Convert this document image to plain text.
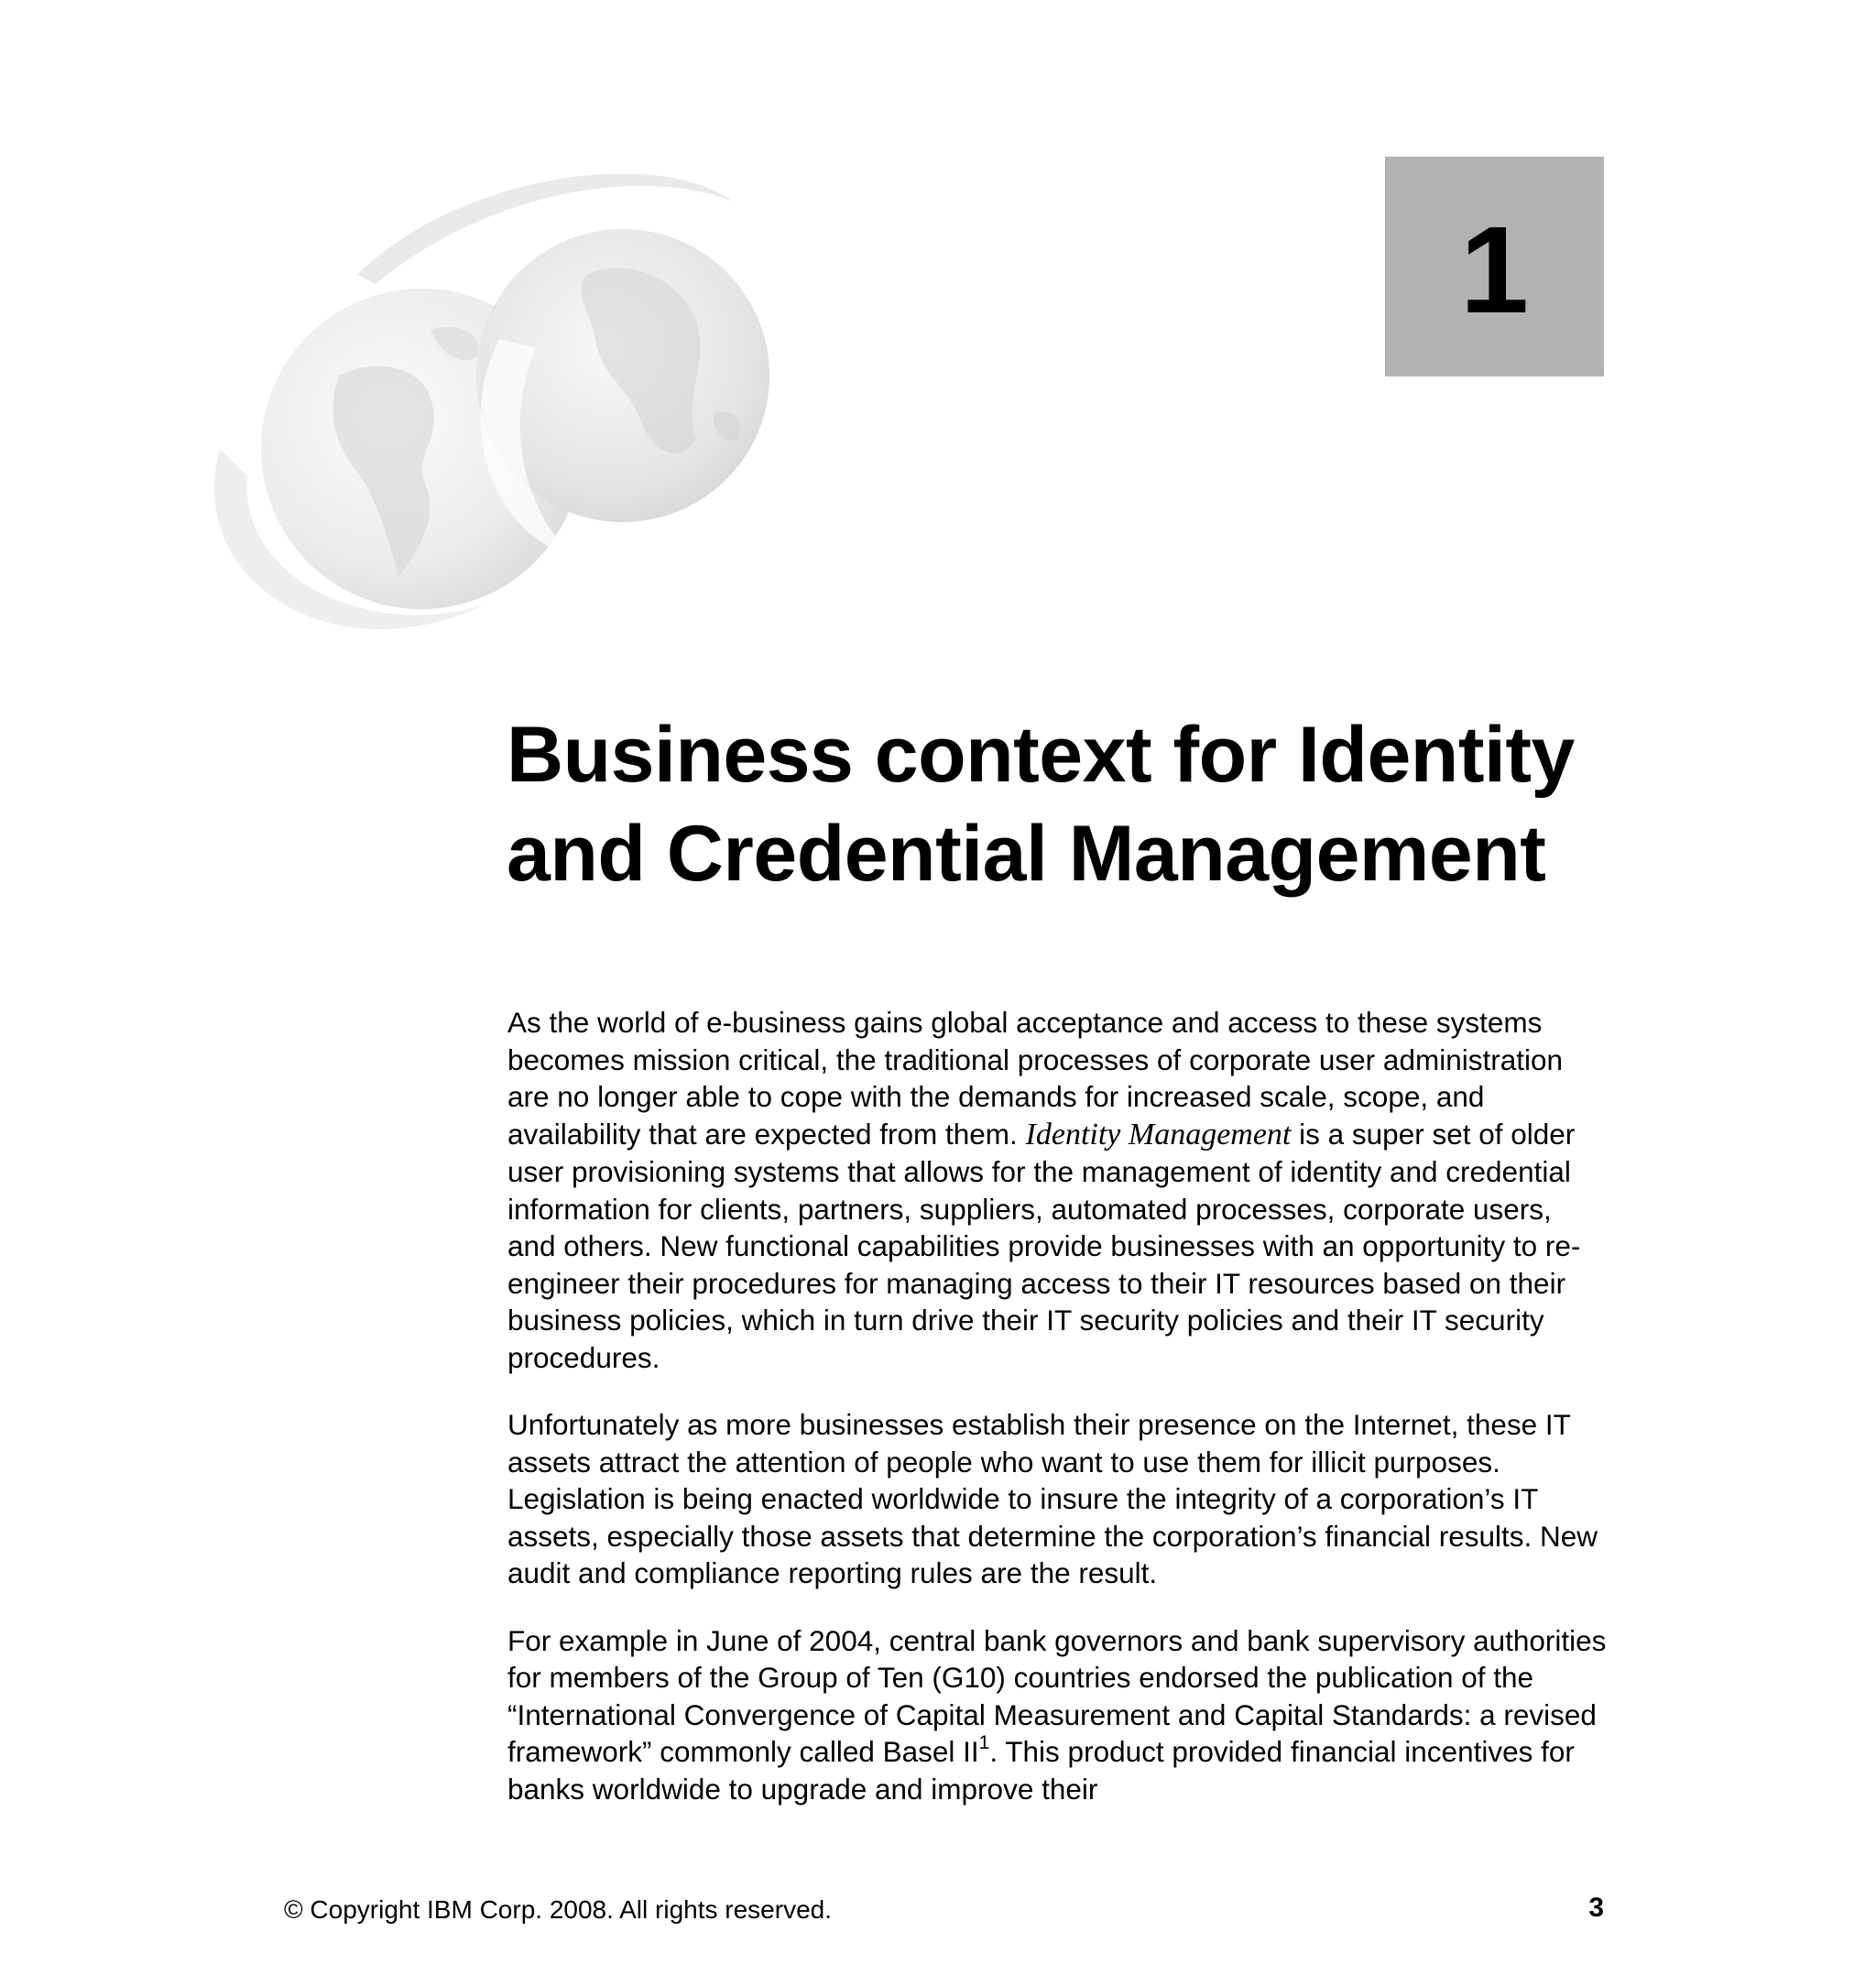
1
Business context for Identity
and Credential Management

As the world of e-business gains global acceptance and access to these systems becomes mission critical, the traditional processes of corporate user administration are no longer able to cope with the demands for increased scale, scope, and availability that are expected from them. Identity Management is a super set of older user provisioning systems that allows for the management of identity and credential information for clients, partners, suppliers, automated processes, corporate users, and others. New functional capabilities provide businesses with an opportunity to re-engineer their procedures for managing access to their IT resources based on their business policies, which in turn drive their IT security policies and their IT security procedures.

Unfortunately as more businesses establish their presence on the Internet, these IT assets attract the attention of people who want to use them for illicit purposes. Legislation is being enacted worldwide to insure the integrity of a corporation’s IT assets, especially those assets that determine the corporation’s financial results. New audit and compliance reporting rules are the result.

For example in June of 2004, central bank governors and bank supervisory authorities for members of the Group of Ten (G10) countries endorsed the publication of the “International Convergence of Capital Measurement and Capital Standards: a revised framework” commonly called Basel $II^1$. This product provided financial incentives for banks worldwide to upgrade and improve their

© Copyright IBM Corp. 2008. All rights reserved.	3
